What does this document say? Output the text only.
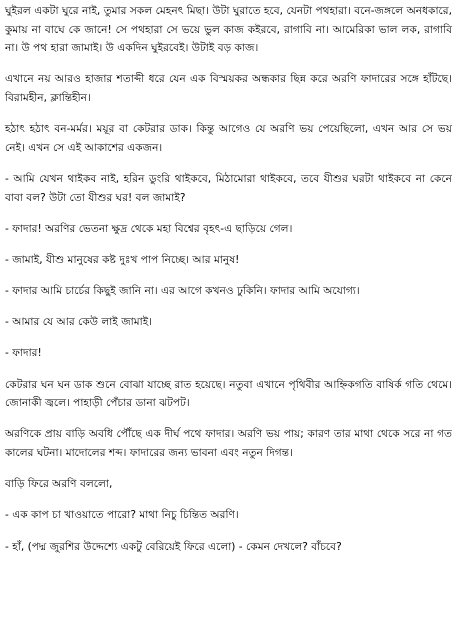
ঘুইরল একটা ঘুরে নাই, তুমার সকল মেহনৎ মিছা। উটা ঘুরাতে হবে, যেনটা পথহারা। বনে-জঙ্গলে অনধকারে, কুমায় না বাঘে কে জানে! সে পথহারা সে ভয়ে ভুল কাজ কইরবে, রাগাবি না। আমেরিকা ভাল লক, রাগাবি না। উ পথ হারা জামাই। উ একদিন ঘুইরবেই। উটাই বড় কাজ।

এখানে নয় আরও হাজার শতাব্দী ধরে যেন এক বিস্ময়কর অন্ধকার ছিন্ন করে অরণি ফাদারের সঙ্গে হাঁটছে। বিরামহীন, ক্লান্তিহীন।

হঠাৎ হঠাৎ বন-মর্মর। ময়ূর বা কেটরার ডাক। কিন্তু আগেও যে অরণি ভয় পেয়েছিলো, এখন আর সে ভয় নেই। এখন সে এই আকাশের একজন।

- আমি যেখন থাইকব নাই, হরিন ডুংরি থাইকবে, মিঠামোরা থাইকবে, তবে যীশুর ঘরটা থাইকবে না কেনে বাবা বল? উটা তো যীশুর ঘর! বল জামাই?

- ফাদার! অরণির ভেতনা ক্ষুদ্র থেকে মহা বিশ্বের বৃহৎ-এ ছাড়িয়ে গেল।

- জামাই, যীশু মানুষের কষ্ট দুঃখ পাপ নিচ্ছে। আর মানুষ!

- ফাদার আমি চার্চের কিছুই জানি না। এর আগে কখনও ঢুকিনি। ফাদার আমি অযোগ্য।

- আমার যে আর কেউ লাই জামাই।

- ফাদার!

কেটরার ঘন ঘন ডাক শুনে বোঝা যাচ্ছে রাত হয়েছে। নতুবা এখানে পৃথিবীর আহ্নিকগতি বাষির্ক গতি থেমে। জোনাকী জ্বলে। পাহাড়ী পেঁচার ডানা ঝটপট।

অরণিকে প্রায় বাড়ি অবধি পৌঁছে এক দীর্ঘ পথে ফাদার। অরণি ভয় পায়; কারণ তার মাথা থেকে সরে না গত কালের ঘটনা। মাদোলের শব্দ। ফাদারের জন্য ভাবনা এবং নতুন দিগন্ত।

বাড়ি ফিরে অরণি বললো,

- এক কাপ চা খাওয়াতে পারো? মাথা নিচু চিন্তিত অরণি।

- হাঁ, (পদ্ম জুরশির উদ্দেশ্যে একটু বেরিয়েই ফিরে এলো) - কেমন দেখলে? বাঁচবে?
